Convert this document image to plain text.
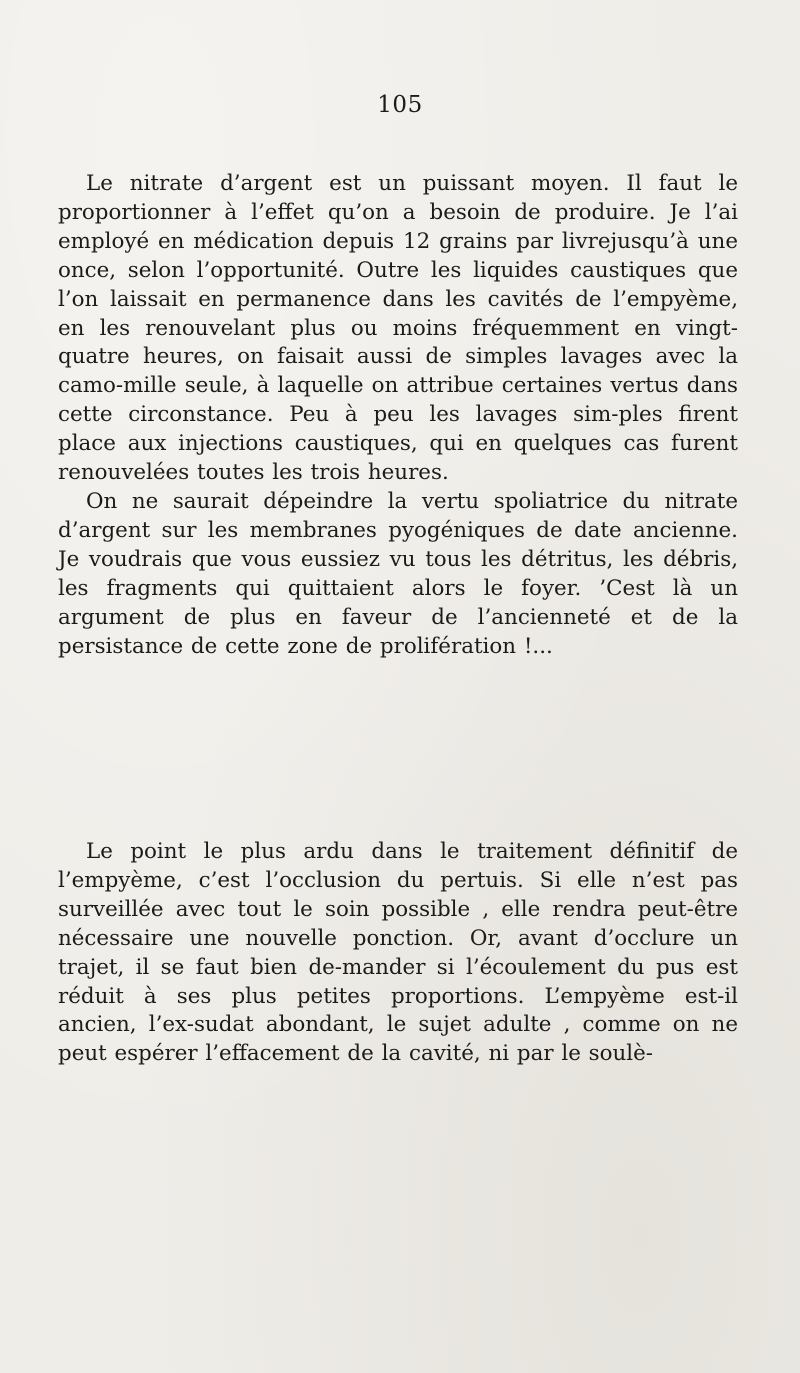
105

Le nitrate d’argent est un puissant moyen. Il faut le proportionner à l’effet qu’on a besoin de produire. Je l’ai employé en médication depuis 12 grains par livrejusqu’à une once, selon l’opportunité. Outre les liquides caustiques que l’on laissait en permanence dans les cavités de l’empyème, en les renouvelant plus ou moins fréquemment en vingt-quatre heures, on faisait aussi de simples lavages avec la camo-mille seule, à laquelle on attribue certaines vertus dans cette circonstance. Peu à peu les lavages sim-ples firent place aux injections caustiques, qui en quelques cas furent renouvelées toutes les trois heures.

On ne saurait dépeindre la vertu spoliatrice du nitrate d’argent sur les membranes pyogéniques de date ancienne. Je voudrais que vous eussiez vu tous les détritus, les débris, les fragments qui quittaient alors le foyer. ’Cest là un argument de plus en faveur de l’ancienneté et de la persistance de cette zone de prolifération !...

Le point le plus ardu dans le traitement définitif de l’empyème, c’est l’occlusion du pertuis. Si elle n’est pas surveillée avec tout le soin possible , elle rendra peut-être nécessaire une nouvelle ponction. Or, avant d’occlure un trajet, il se faut bien de-mander si l’écoulement du pus est réduit à ses plus petites proportions. L’empyème est-il ancien, l’ex-sudat abondant, le sujet adulte , comme on ne peut espérer l’effacement de la cavité, ni par le soulè-
